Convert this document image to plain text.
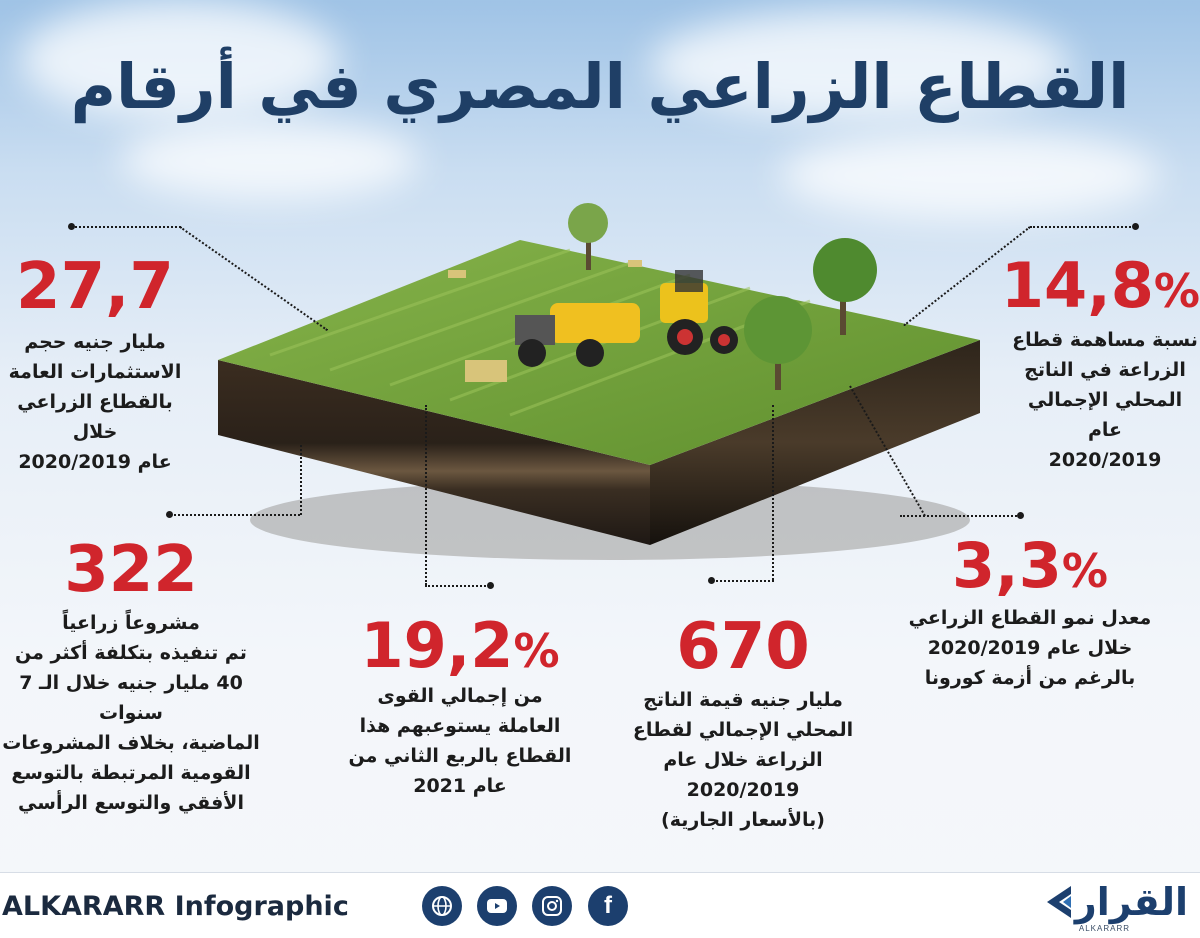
القطاع الزراعي المصري في أرقام
27,7
مليار جنيه حجم
الاستثمارات العامة
بالقطاع الزراعي خلال
عام 2020/2019
14,8%
نسبة مساهمة قطاع
الزراعة في الناتج
المحلي الإجمالي عام
2020/2019
322
مشروعاً زراعياً
تم تنفيذه بتكلفة أكثر من
40 مليار جنيه خلال الـ 7 سنوات
الماضية، بخلاف المشروعات
القومية المرتبطة بالتوسع
الأفقي والتوسع الرأسي
19,2%
من إجمالي القوى
العاملة يستوعبهم هذا
القطاع بالربع الثاني من
عام 2021
670
مليار جنيه قيمة الناتج
المحلي الإجمالي لقطاع
الزراعة خلال عام
2020/2019
(بالأسعار الجارية)
3,3%
معدل نمو القطاع الزراعي
خلال عام 2020/2019
بالرغم من أزمة كورونا
ALKARARR Infographic	f	القرار
ALKARARR
